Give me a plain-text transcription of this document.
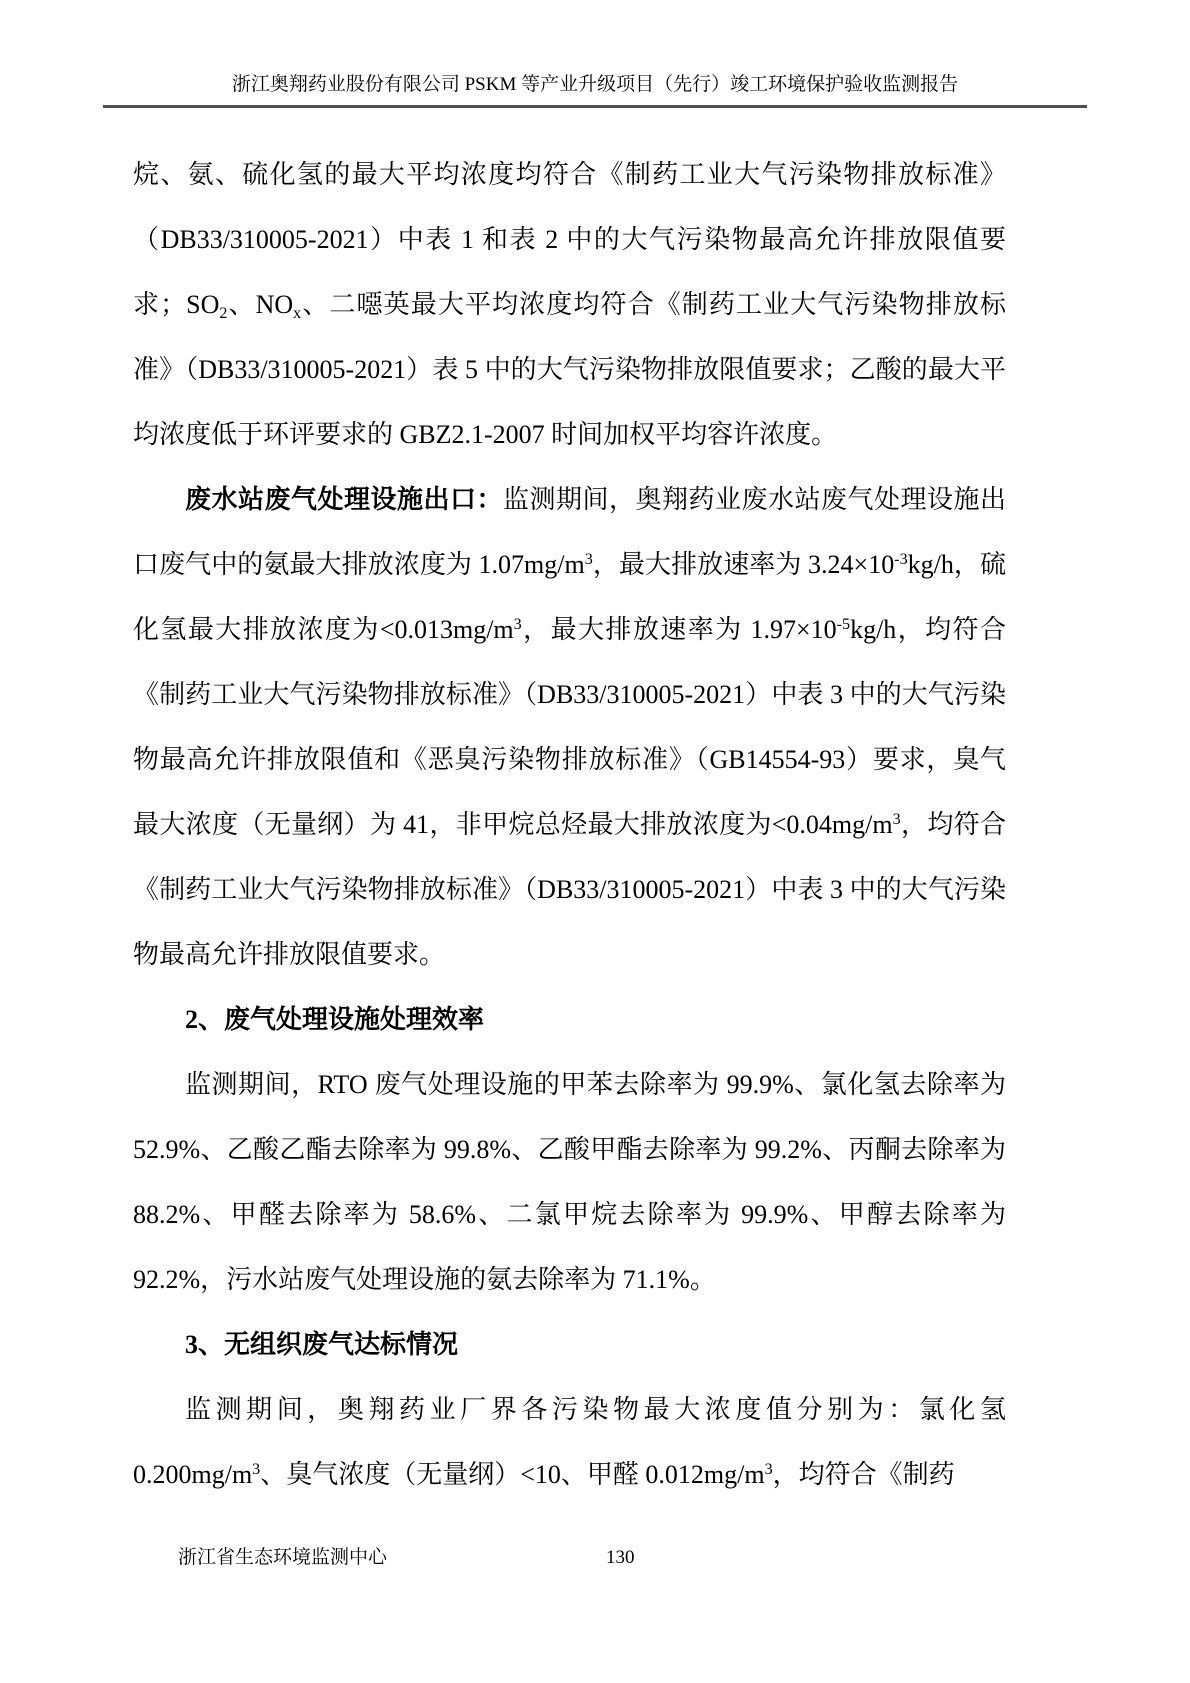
浙江奥翔药业股份有限公司 PSKM 等产业升级项目（先行）竣工环境保护验收监测报告

烷、氨、硫化氢的最大平均浓度均符合《制药工业大气污染物排放标准》（DB33/310005-2021）中表 1 和表 2 中的大气污染物最高允许排放限值要求；SO2、NOx、二噁英最大平均浓度均符合《制药工业大气污染物排放标准》（DB33/310005-2021）表 5 中的大气污染物排放限值要求；乙酸的最大平均浓度低于环评要求的 GBZ2.1-2007 时间加权平均容许浓度。

废水站废气处理设施出口：监测期间，奥翔药业废水站废气处理设施出口废气中的氨最大排放浓度为 $1.07mg/m^3$，最大排放速率为 $3.24\times 10^{-3}kg/h$，硫化氢最大排放浓度为$<0.013mg/m^3$，最大排放速率为 $1.97\times 10^{-5}kg/h$，均符合《制药工业大气污染物排放标准》（DB33/310005-2021）中表 3 中的大气污染物最高允许排放限值和《恶臭污染物排放标准》（GB14554-93）要求，臭气最大浓度（无量纲）为 41，非甲烷总烃最大排放浓度为$<0.04mg/m^3$，均符合《制药工业大气污染物排放标准》（DB33/310005-2021）中表 3 中的大气污染物最高允许排放限值要求。

2、废气处理设施处理效率

监测期间，RTO 废气处理设施的甲苯去除率为 99.9%、氯化氢去除率为 52.9%、乙酸乙酯去除率为 99.8%、乙酸甲酯去除率为 99.2%、丙酮去除率为 88.2%、甲醛去除率为 58.6%、二氯甲烷去除率为 99.9%、甲醇去除率为 92.2%，污水站废气处理设施的氨去除率为 71.1%。

3、无组织废气达标情况

监测期间，奥翔药业厂界各污染物最大浓度值分别为：氯化氢 $0.200mg/m^3$、臭气浓度（无量纲）<10、甲醛 $0.012mg/m^3$，均符合《制药

浙江省生态环境监测中心	130
